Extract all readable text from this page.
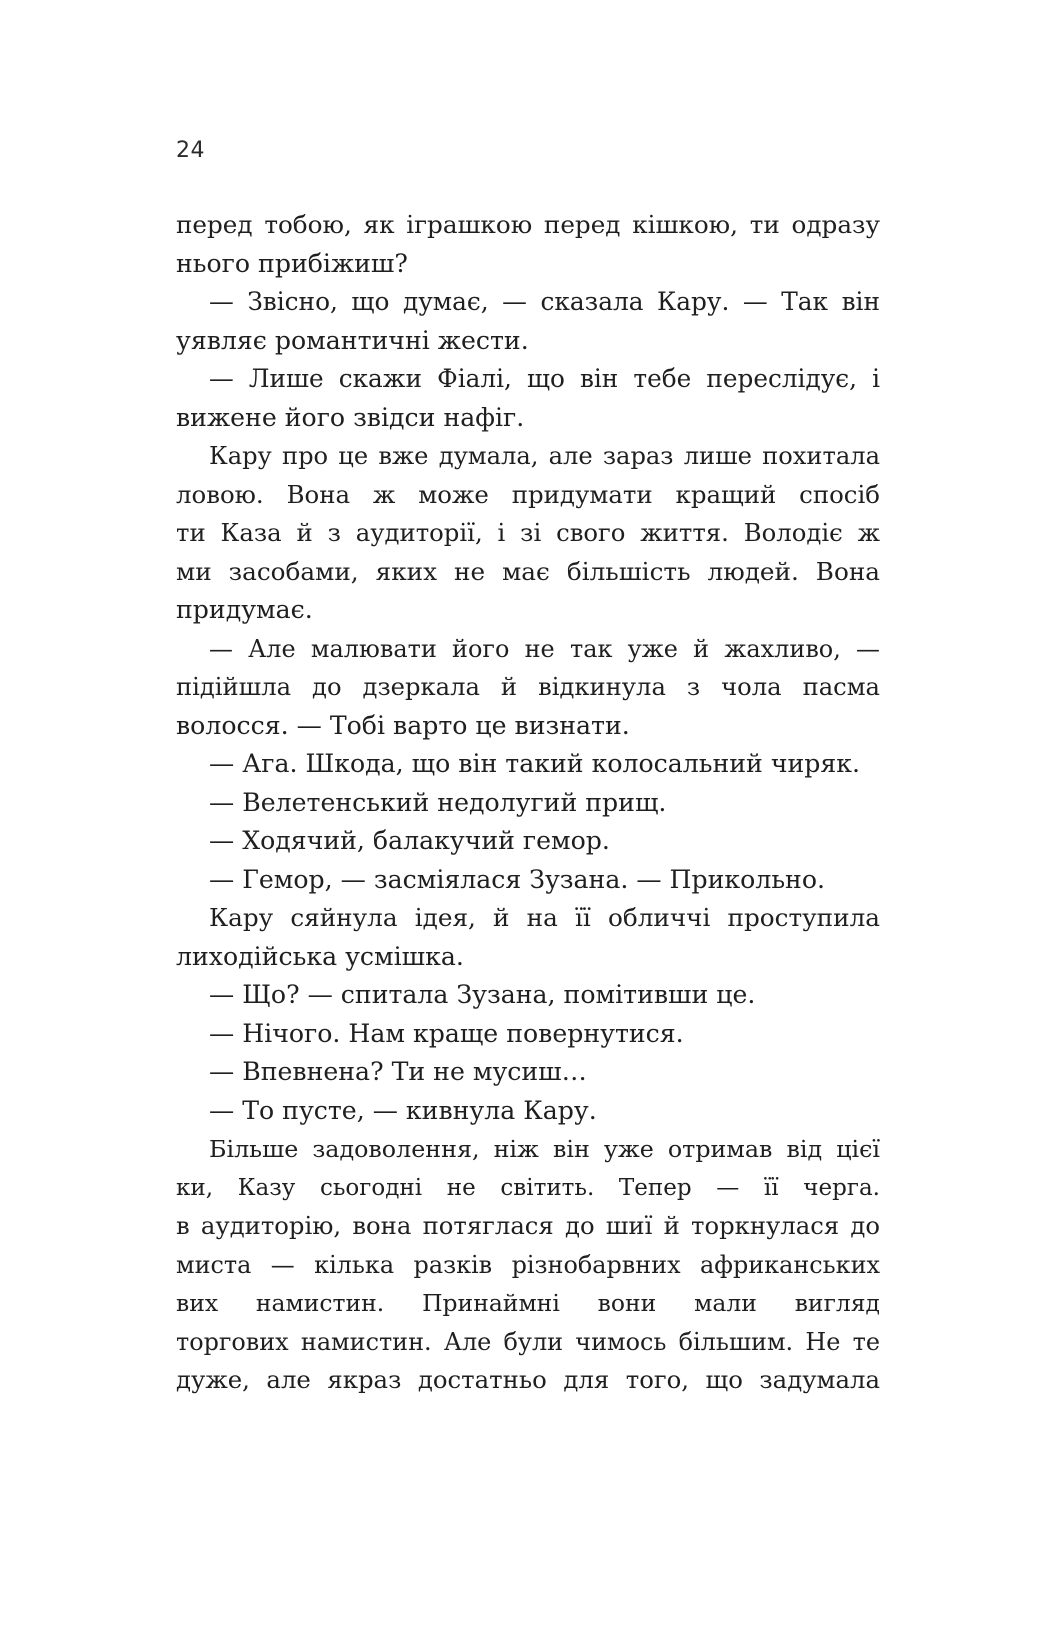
24
перед тобою, як іграшкою перед кішкою, ти одразу
нього прибіжиш?
— Звісно, що думає, — сказала Кару. — Так він
уявляє романтичні жести.
— Лише скажи Фіалі, що він тебе переслідує, і
вижене його звідси нафіг.
Кару про це вже думала, але зараз лише похитала
ловою. Вона ж може придумати кращий спосіб
ти Каза й з аудиторії, і зі свого життя. Володіє ж
ми засобами, яких не має більшість людей. Вона
придумає.
— Але малювати його не так уже й жахливо, —
підійшла до дзеркала й відкинула з чола пасма
волосся. — Тобі варто це визнати.
— Ага. Шкода, що він такий колосальний чиряк.
— Велетенський недолугий прищ.
— Ходячий, балакучий гемор.
— Гемор, — засміялася Зузана. — Прикольно.
Кару сяйнула ідея, й на її обличчі проступила
лиходійська усмішка.
— Що? — спитала Зузана, помітивши це.
— Нічого. Нам краще повернутися.
— Впевнена? Ти не мусиш…
— То пусте, — кивнула Кару.
Більше задоволення, ніж він уже отримав від цієї
ки, Казу сьогодні не світить. Тепер — її черга.
в аудиторію, вона потяглася до шиї й торкнулася до
миста — кілька разків різнобарвних африканських
вих намистин. Принаймні вони мали вигляд
торгових намистин. Але були чимось більшим. Не те
дуже, але якраз достатньо для того, що задумала
